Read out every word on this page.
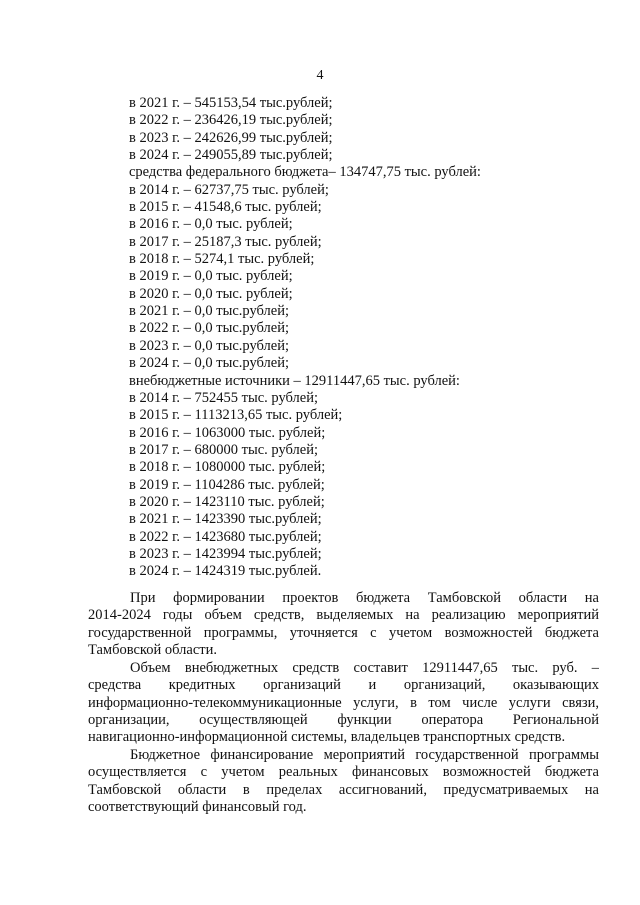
4
в 2021 г. – 545153,54 тыс.рублей;
в 2022 г. – 236426,19 тыс.рублей;
в 2023 г. – 242626,99 тыс.рублей;
в 2024 г. – 249055,89 тыс.рублей;
средства федерального бюджета– 134747,75 тыс. рублей:
в 2014 г. – 62737,75 тыс. рублей;
в 2015 г. – 41548,6 тыс. рублей;
в 2016 г. – 0,0 тыс. рублей;
в 2017 г. – 25187,3 тыс. рублей;
в 2018 г. – 5274,1 тыс. рублей;
в 2019 г. – 0,0 тыс. рублей;
в 2020 г. – 0,0 тыс. рублей;
в 2021 г. – 0,0 тыс.рублей;
в 2022 г. – 0,0 тыс.рублей;
в 2023 г. – 0,0 тыс.рублей;
в 2024 г. – 0,0 тыс.рублей;
внебюджетные источники – 12911447,65 тыс. рублей:
в 2014 г. – 752455 тыс. рублей;
в 2015 г. – 1113213,65 тыс. рублей;
в 2016 г. – 1063000 тыс. рублей;
в 2017 г. – 680000 тыс. рублей;
в 2018 г. – 1080000 тыс. рублей;
в 2019 г. – 1104286 тыс. рублей;
в 2020 г. – 1423110 тыс. рублей;
в 2021 г. – 1423390 тыс.рублей;
в 2022 г. – 1423680 тыс.рублей;
в 2023 г. – 1423994 тыс.рублей;
в 2024 г. – 1424319 тыс.рублей.
При формировании проектов бюджета Тамбовской области на
2014-2024 годы объем средств, выделяемых на реализацию мероприятий
государственной программы, уточняется с учетом возможностей бюджета
Тамбовской области.
Объем внебюджетных средств составит 12911447,65 тыс. руб. –
средства кредитных организаций и организаций, оказывающих
информационно-телекоммуникационные услуги, в том числе услуги связи,
организации, осуществляющей функции оператора Региональной
навигационно-информационной системы, владельцев транспортных средств.
Бюджетное финансирование мероприятий государственной программы
осуществляется с учетом реальных финансовых возможностей бюджета
Тамбовской области в пределах ассигнований, предусматриваемых на
соответствующий финансовый год.
